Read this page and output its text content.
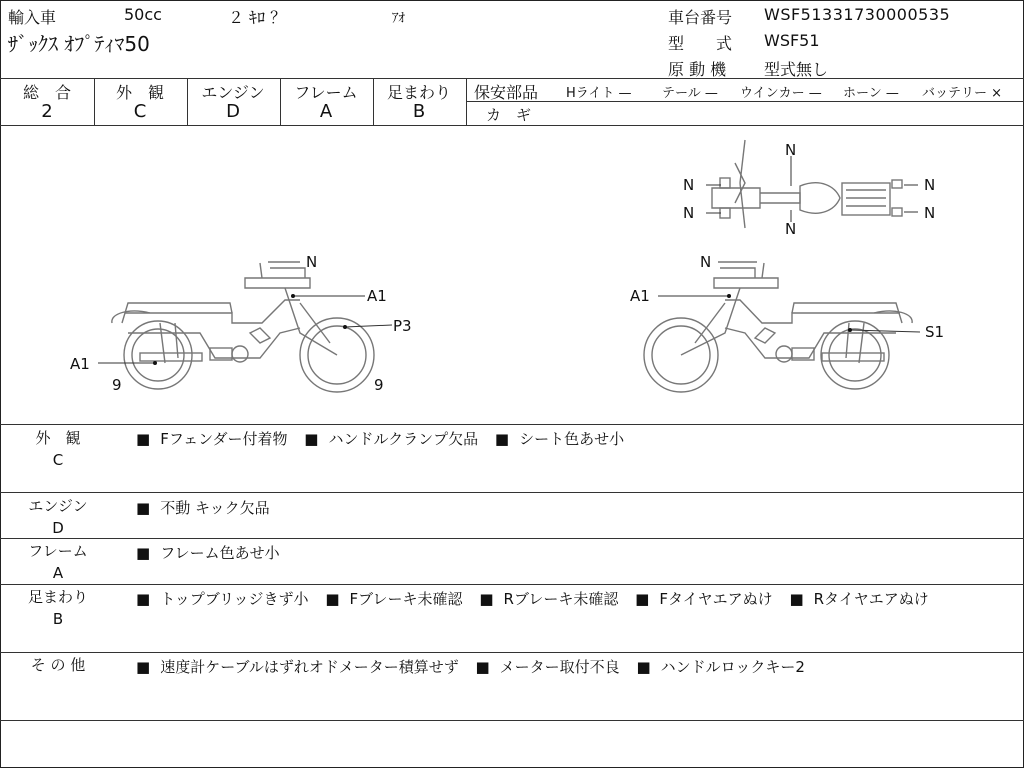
輸入車	50cc	２ ｷﾛ ？	ｱｵ
ｻﾞｯｸｽ ｵﾌﾟﾃｨﾏ50
車台番号 WSF51331730000535
型　　式 WSF51
原 動 機 型式無し
総　合
2
外　観
C
エンジン
D
フレーム
A
足まわり
B
保安部品 Hライト — テール — ウインカー — ホーン — バッテリー ×
カ　ギ
N
A1
P3
A1
9	9
N
A1
S1
N
N
N
N
N
N
外　観
C
■ Fフェンダー付着物 ■ ハンドルクランプ欠品 ■ シート色あせ小
エンジン
D
■ 不動 キック欠品
フレーム
A
■ フレーム色あせ小
足まわり
B
■ トップブリッジきず小 ■ Fブレーキ未確認 ■ Rブレーキ未確認 ■ Fタイヤエアぬけ ■ Rタイヤエアぬけ
そ の 他	■ 速度計ケーブルはずれオドメーター積算せず ■ メーター取付不良 ■ ハンドルロックキー2
